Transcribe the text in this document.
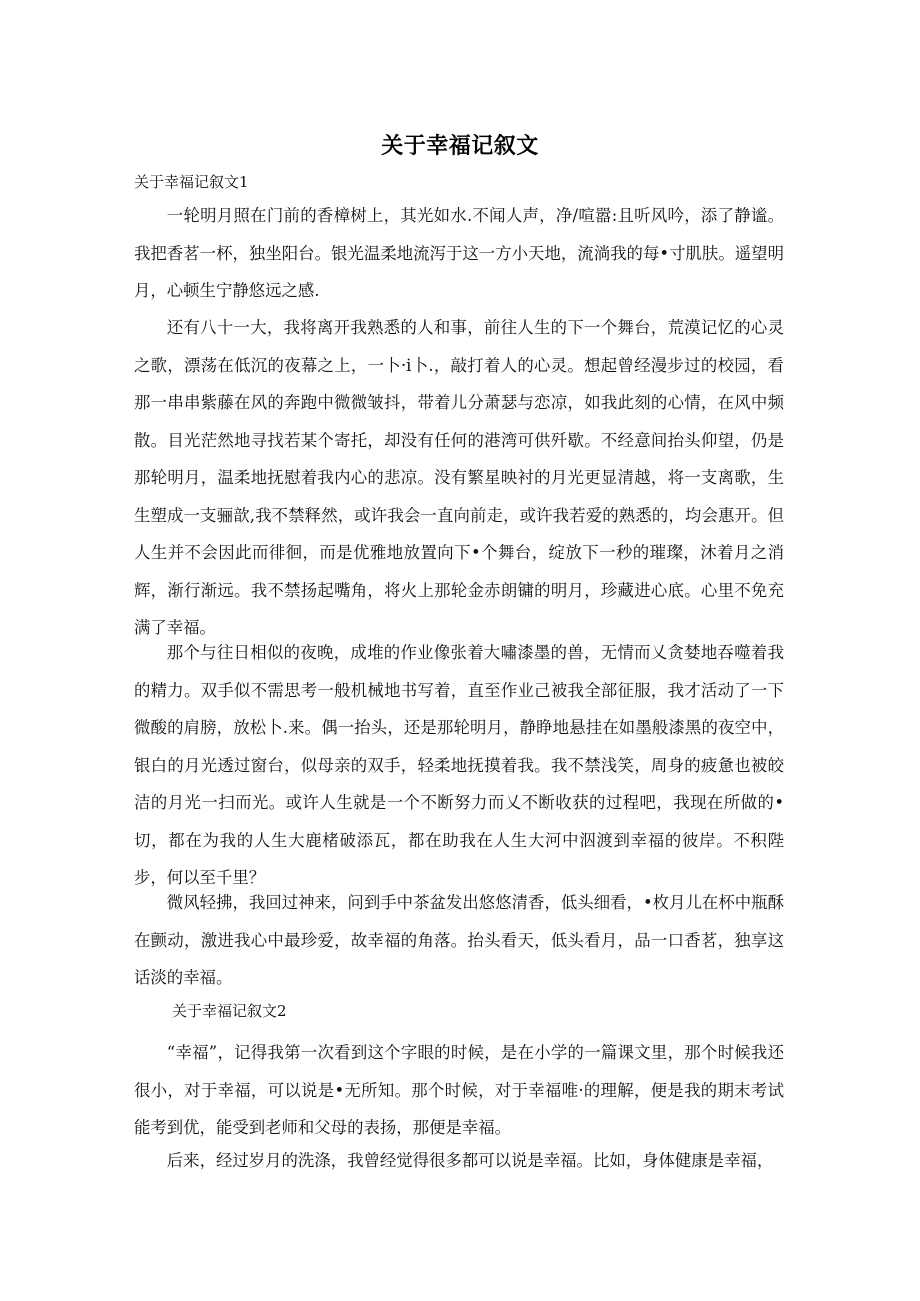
关于幸福记叙文
关于幸福记叙文1

一轮明月照在门前的香樟树上，其光如水.不闻人声，净/喧嚣:且听风吟，添了静谧。我把香茗一杯，独坐阳台。银光温柔地流泻于这一方小天地，流淌我的每•寸肌肤。遥望明月，心顿生宁静悠远之感.

还有八十一大，我将离开我熟悉的人和事，前往人生的下一个舞台，荒漠记忆的心灵之歌，漂荡在低沉的夜幕之上，一卜·i卜.，敲打着人的心灵。想起曾经漫步过的校园，看那一串串紫藤在风的奔跑中微微皱抖，带着儿分萧瑟与恋凉，如我此刻的心情，在风中频散。目光茫然地寻找若某个寄托，却没有任何的港湾可供歼歇。不经意间抬头仰望，仍是那轮明月，温柔地抚慰着我内心的悲凉。没有繁星映衬的月光更显清越，将一支离歌，生生塑成一支骊歆,我不禁释然，或许我会一直向前走，或许我若爱的熟悉的，均会惠开。但人生并不会因此而徘徊，而是优雅地放置向下•个舞台，绽放下一秒的璀璨，沐着月之消辉，渐行渐远。我不禁扬起嘴角，将火上那轮金赤朗镛的明月，珍藏进心底。心里不免充满了幸福。

那个与往日相似的夜晚，成堆的作业像张着大嘯漆墨的兽，无情而乂贪婪地吞噬着我的精力。双手似不需思考一般机械地书写着，直至作业己被我全部征服，我才活动了一下微酸的肩膀，放松卜.来。偶一抬头，还是那轮明月，静睁地悬挂在如墨般漆黑的夜空中，银白的月光透过窗台，似母亲的双手，轻柔地抚摸着我。我不禁浅笑，周身的疲惫也被皎洁的月光一扫而光。或许人生就是一个不断努力而乂不断收获的过程吧，我现在所做的•切，都在为我的人生大鹿楮破添瓦，都在助我在人生大河中泅渡到幸福的彼岸。不积陛步，何以至千里？

微风轻拂，我回过神来，问到手中茶盆发出悠悠清香，低头细看，•枚月儿在杯中瓶酥在颤动，激进我心中最珍爱，故幸福的角落。抬头看天，低头看月，品一口香茗，独享这话淡的幸福。

关于幸福记叙文2

“幸福”，记得我第一次看到这个字眼的时候，是在小学的一篇课文里，那个时候我还很小，对于幸福，可以说是•无所知。那个时候，对于幸福唯·的理解，便是我的期末考试能考到优，能受到老师和父母的表扬，那便是幸福。

后来，经过岁月的洗涤，我曾经觉得很多都可以说是幸福。比如，身体健康是幸福，
